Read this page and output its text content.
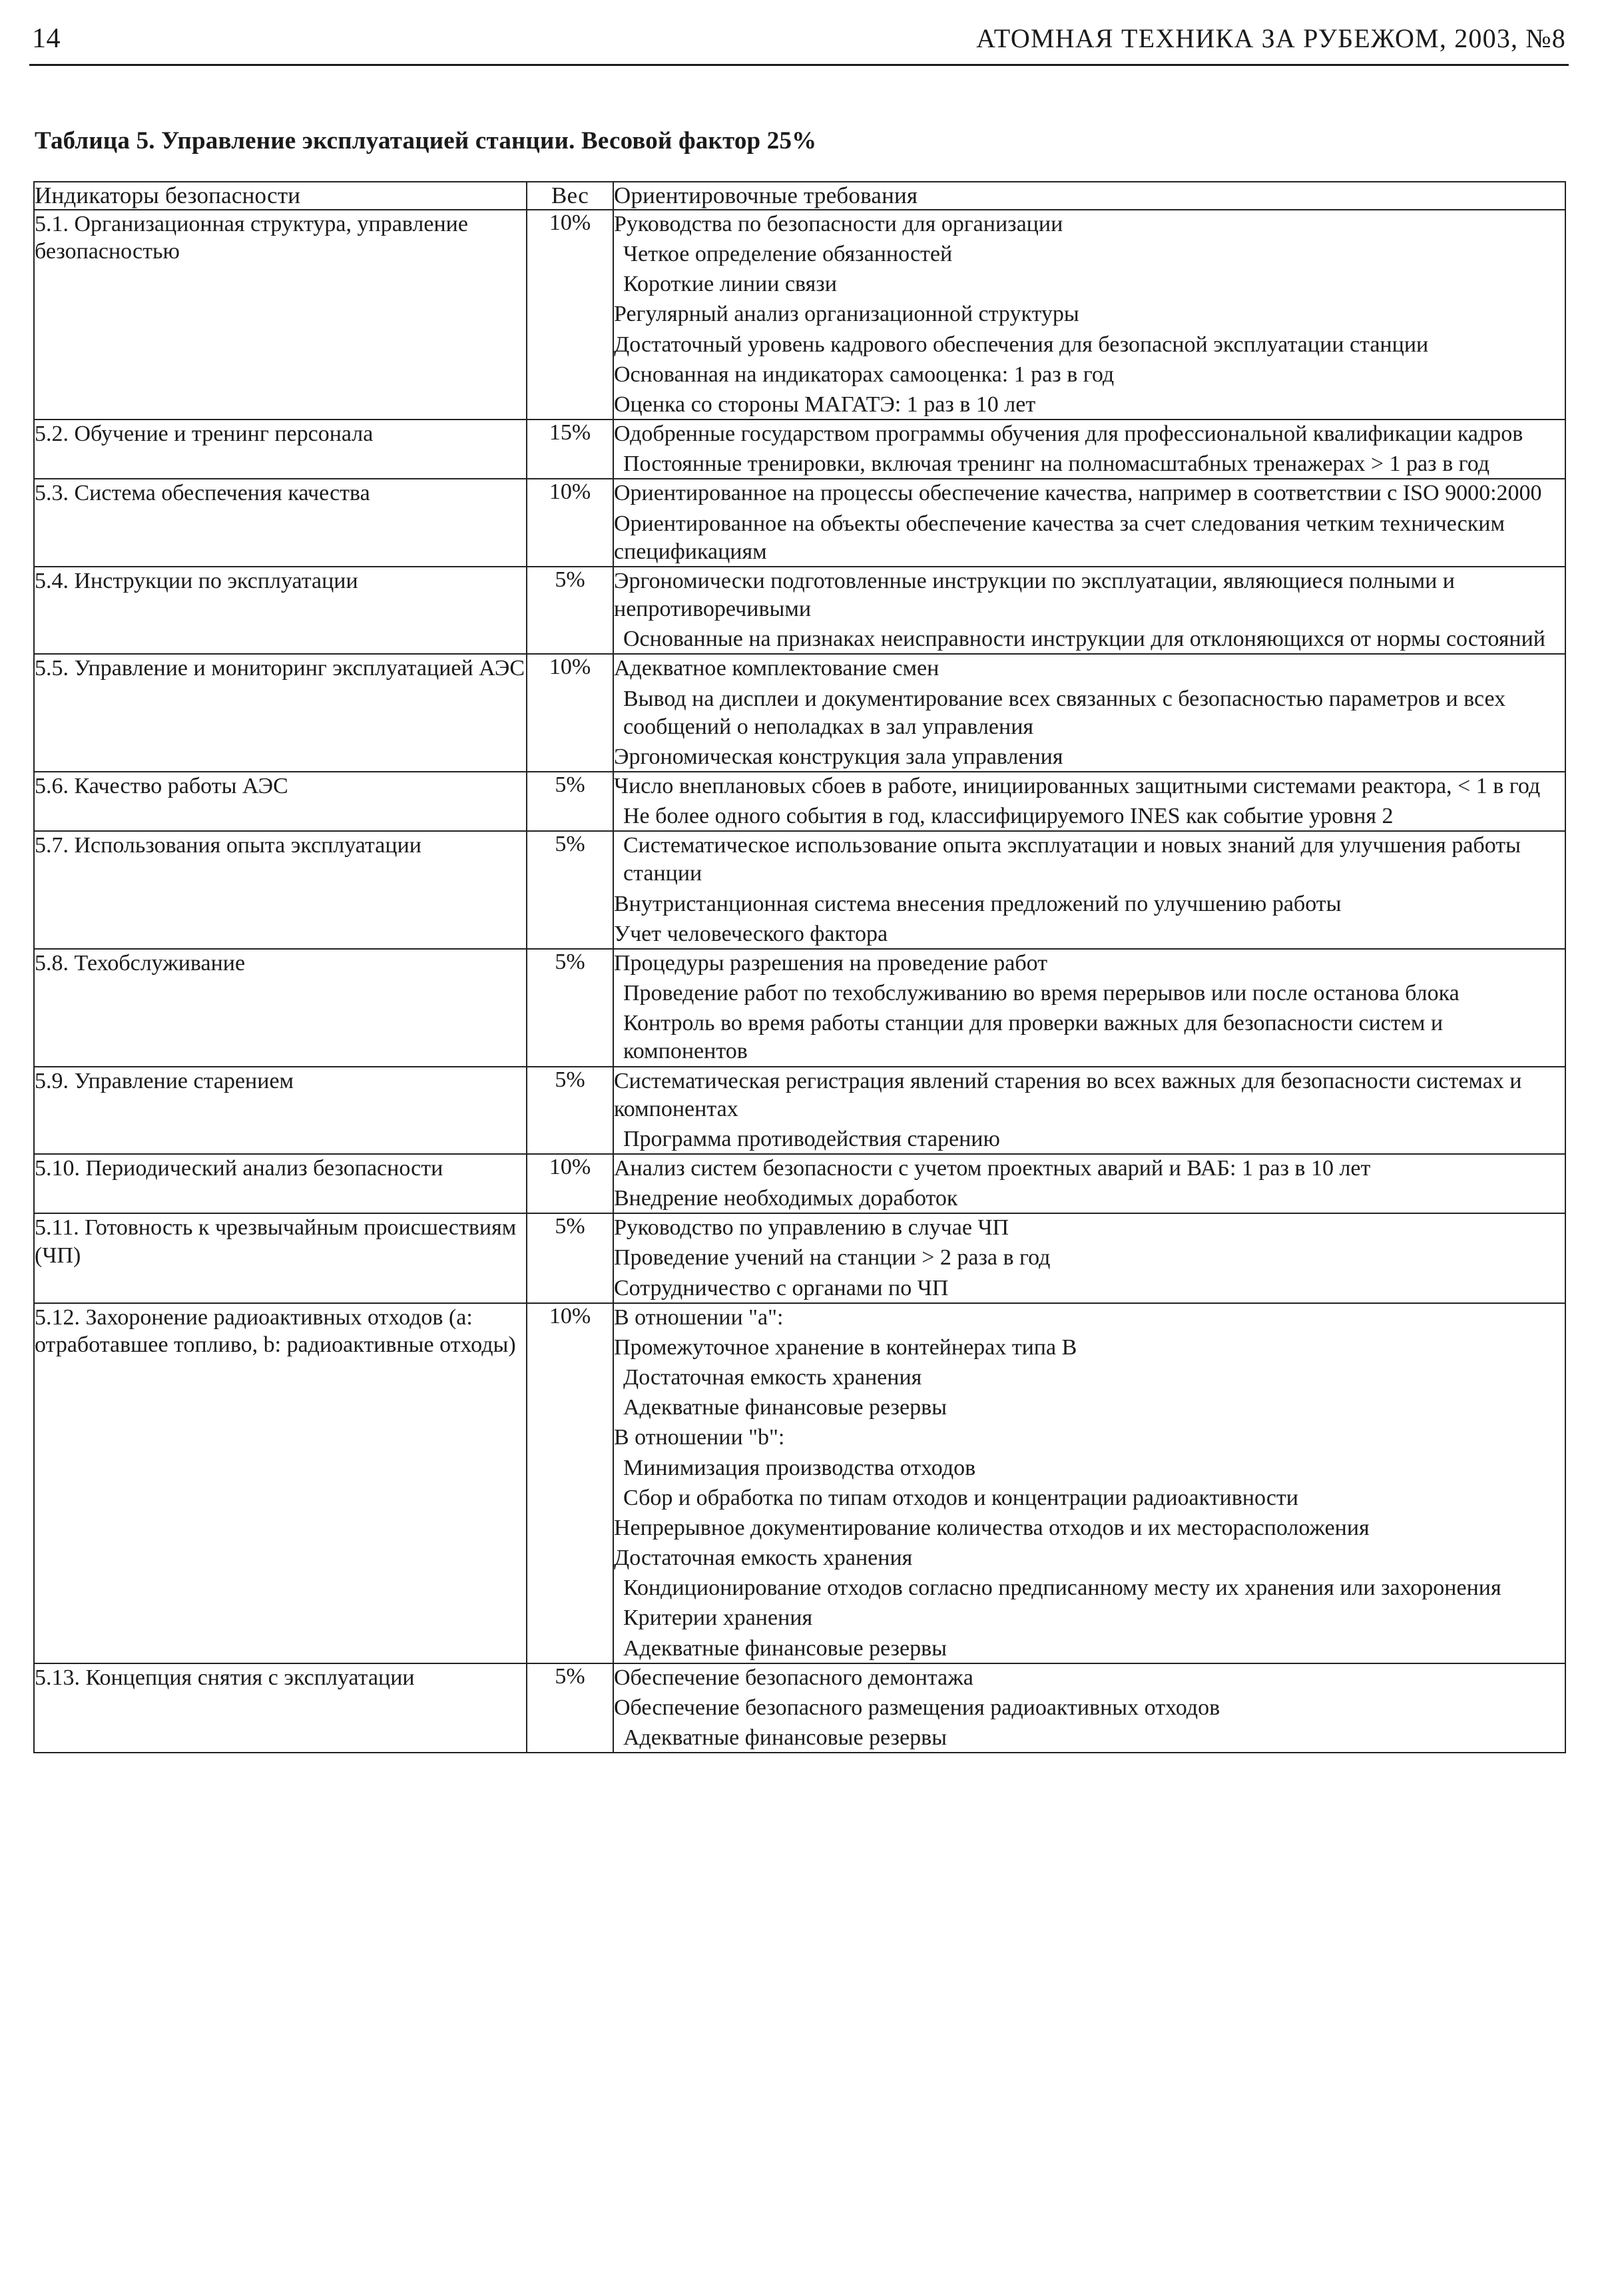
14	АТОМНАЯ ТЕХНИКА ЗА РУБЕЖОМ, 2003, №8
Таблица 5. Управление эксплуатацией станции. Весовой фактор 25%
Индикаторы безопасности	Вес	Ориентировочные требования
5.1. Организационная структура, управление безопасностью	10%	Руководства по безопасности для организации
Четкое определение обязанностей
Короткие линии связи
Регулярный анализ организационной структуры
Достаточный уровень кадрового обеспечения для безопасной эксплуатации станции
Основанная на индикаторах самооценка: 1 раз в год
Оценка со стороны МАГАТЭ: 1 раз в 10 лет

5.2. Обучение и тренинг персонала	15%	Одобренные государством программы обучения для профессиональной квалификации кадров
Постоянные тренировки, включая тренинг на полномасштабных тренажерах > 1 раз в год

5.3. Система обеспечения качества	10%	Ориентированное на процессы обеспечение качества, например в соответствии с ISO 9000:2000
Ориентированное на объекты обеспечение качества за счет следования четким техническим спецификациям

5.4. Инструкции по эксплуатации	5%	Эргономически подготовленные инструкции по эксплуатации, являющиеся полными и непротиворечивыми
Основанные на признаках неисправности инструкции для отклоняющихся от нормы состояний

5.5. Управление и мониторинг эксплуатацией АЭС	10%	Адекватное комплектование смен
Вывод на дисплеи и документирование всех связанных с безопасностью параметров и всех сообщений о неполадках в зал управления
Эргономическая конструкция зала управления

5.6. Качество работы АЭС	5%	Число внеплановых сбоев в работе, инициированных защитными системами реактора, < 1 в год
Не более одного события в год, классифицируемого INES как событие уровня 2

5.7. Использования опыта эксплуатации	5%	Систематическое использование опыта эксплуатации и новых знаний для улучшения работы станции
Внутристанционная система внесения предложений по улучшению работы
Учет человеческого фактора

5.8. Техобслуживание	5%	Процедуры разрешения на проведение работ
Проведение работ по техобслуживанию во время перерывов или после останова блока
Контроль во время работы станции для проверки важных для безопасности систем и компонентов

5.9. Управление старением	5%	Систематическая регистрация явлений старения во всех важных для безопасности системах и компонентах
Программа противодействия старению

5.10. Периодический анализ безопасности	10%	Анализ систем безопасности с учетом проектных аварий и ВАБ: 1 раз в 10 лет
Внедрение необходимых доработок

5.11. Готовность к чрезвычайным происшествиям (ЧП)	5%	Руководство по управлению в случае ЧП
Проведение учений на станции > 2 раза в год
Сотрудничество с органами по ЧП

5.12. Захоронение радиоактивных отходов (а: отработавшее топливо, b: радиоактивные отходы)	10%	В отношении "а":
Промежуточное хранение в контейнерах типа В
Достаточная емкость хранения
Адекватные финансовые резервы
В отношении "b":
Минимизация производства отходов
Сбор и обработка по типам отходов и концентрации радиоактивности
Непрерывное документирование количества отходов и их месторасположения
Достаточная емкость хранения
Кондиционирование отходов согласно предписанному месту их хранения или захоронения
Критерии хранения
Адекватные финансовые резервы

5.13. Концепция снятия с эксплуатации	5%	Обеспечение безопасного демонтажа
Обеспечение безопасного размещения радиоактивных отходов
Адекватные финансовые резервы
